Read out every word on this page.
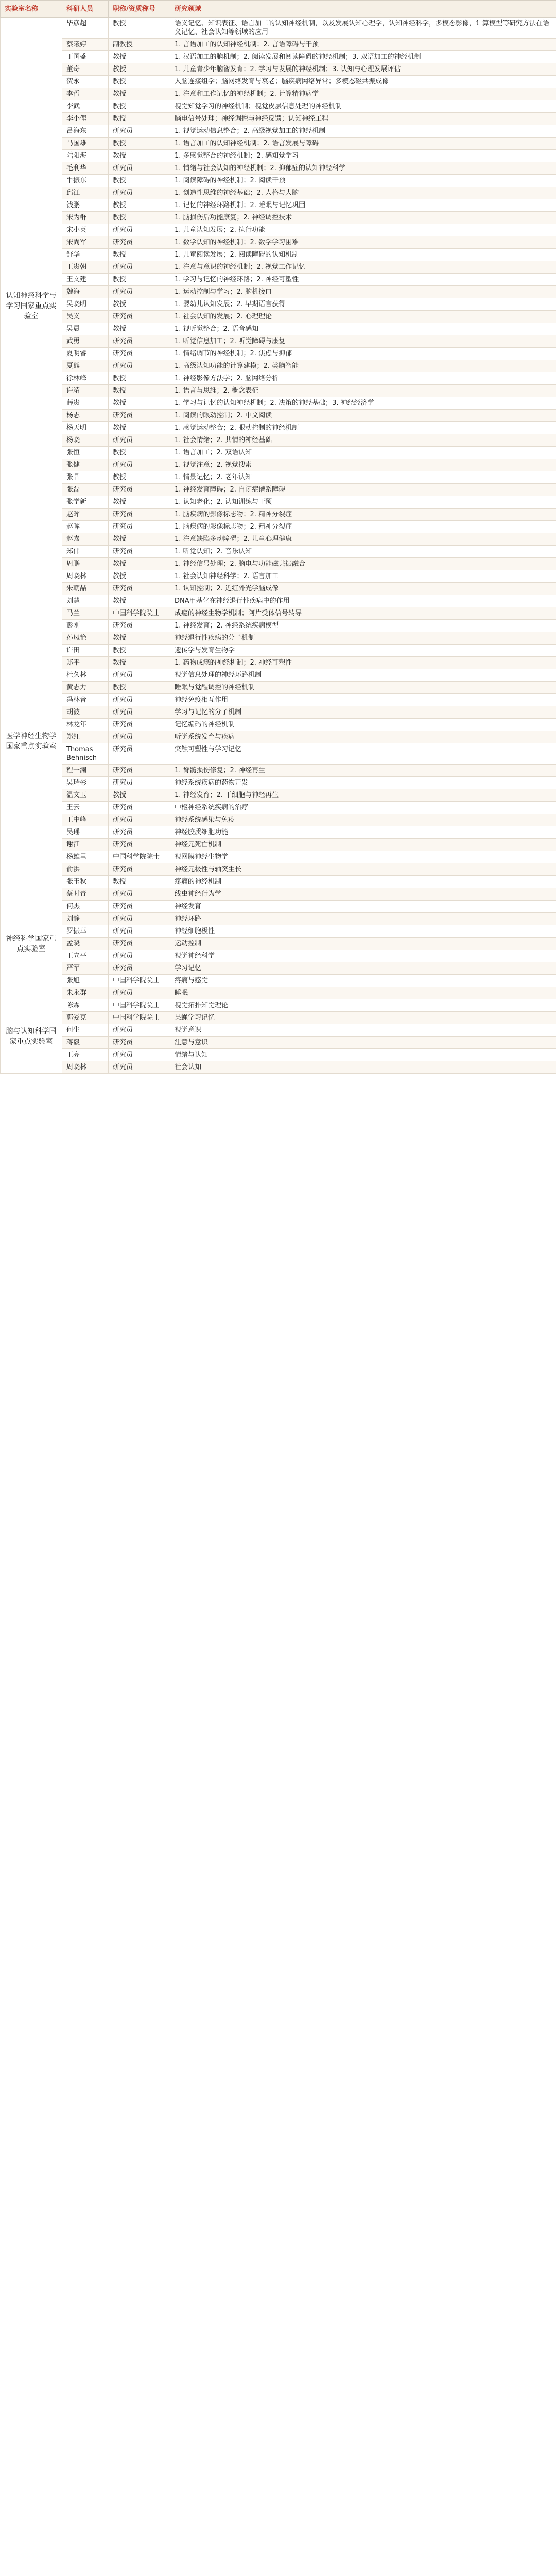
实验室名称	科研人员	职称/资质称号	研究领域
认知神经科学与学习国家重点实验室	毕彦超	教授	语义记忆、知识表征、语言加工的认知神经机制，以及发展认知心理学，认知神经科学，多模态影像，计算模型等研究方法在语义记忆、社会认知等领域的应用
	蔡曦婷	副教授	1. 言语加工的认知神经机制；2. 言语障碍与干预
	丁国盛	教授	1. 汉语加工的脑机制；2. 阅读发展和阅读障碍的神经机制；3. 双语加工的神经机制
	董奇	教授	1. 儿童青少年脑智发育；2. 学习与发展的神经机制；3. 认知与心理发展评估
	贺永	教授	人脑连接组学；脑网络发育与衰老；脑疾病网络异常；多模态磁共振成像
	李哲	教授	1. 注意和工作记忆的神经机制；2. 计算精神病学
	李武	教授	视觉知觉学习的神经机制；视觉皮层信息处理的神经机制
	李小俚	教授	脑电信号处理；神经调控与神经反馈；认知神经工程
	吕海东	研究员	1. 视觉运动信息整合；2. 高级视觉加工的神经机制
	马国雄	教授	1. 语言加工的认知神经机制；2. 语言发展与障碍
	陆阳海	教授	1. 多感觉整合的神经机制；2. 感知觉学习
	毛利华	研究员	1. 情绪与社会认知的神经机制；2. 抑郁症的认知神经科学
	牛振东	教授	1. 阅读障碍的神经机制；2. 阅读干预
	邱江	研究员	1. 创造性思维的神经基础；2. 人格与大脑
	钱鹏	教授	1. 记忆的神经环路机制；2. 睡眠与记忆巩固
	宋为群	教授	1. 脑损伤后功能康复；2. 神经调控技术
	宋小英	研究员	1. 儿童认知发展；2. 执行功能
	宋尚军	研究员	1. 数学认知的神经机制；2. 数学学习困难
	舒华	教授	1. 儿童阅读发展；2. 阅读障碍的认知机制
	王贵朝	研究员	1. 注意与意识的神经机制；2. 视觉工作记忆
	王文建	教授	1. 学习与记忆的神经环路；2. 神经可塑性
	魏海	研究员	1. 运动控制与学习；2. 脑机接口
	吴晓明	教授	1. 婴幼儿认知发展；2. 早期语言获得
	吴义	研究员	1. 社会认知的发展；2. 心理理论
	吴晨	教授	1. 视听觉整合；2. 语音感知
	武勇	研究员	1. 听觉信息加工；2. 听觉障碍与康复
	夏明睿	研究员	1. 情绪调节的神经机制；2. 焦虑与抑郁
	夏熊	研究员	1. 高级认知功能的计算建模；2. 类脑智能
	徐林峰	教授	1. 神经影像方法学；2. 脑网络分析
	许靖	教授	1. 语言与思维；2. 概念表征
	薛贵	教授	1. 学习与记忆的认知神经机制；2. 决策的神经基础；3. 神经经济学
	杨志	研究员	1. 阅读的眼动控制；2. 中文阅读
	杨天明	教授	1. 感觉运动整合；2. 眼动控制的神经机制
	杨晓	研究员	1. 社会情绪；2. 共情的神经基础
	张恒	教授	1. 语言加工；2. 双语认知
	张健	研究员	1. 视觉注意；2. 视觉搜索
	张晶	教授	1. 情景记忆；2. 老年认知
	张磊	研究员	1. 神经发育障碍；2. 自闭症谱系障碍
	张学新	教授	1. 认知老化；2. 认知训练与干预
	赵晖	研究员	1. 脑疾病的影像标志物；2. 精神分裂症
	赵晖	研究员	1. 脑疾病的影像标志物；2. 精神分裂症
	赵嘉	教授	1. 注意缺陷多动障碍；2. 儿童心理健康
	郑伟	研究员	1. 听觉认知；2. 音乐认知
	周鹏	教授	1. 神经信号处理；2. 脑电与功能磁共振融合
	周晓林	教授	1. 社会认知神经科学；2. 语言加工
	朱朝喆	研究员	1. 认知控制；2. 近红外光学脑成像
医学神经生物学国家重点实验室	刘慧	教授	DNA甲基化在神经退行性疾病中的作用
	马兰	中国科学院院士	成瘾的神经生物学机制；阿片受体信号转导
	彭刚	研究员	1. 神经发育；2. 神经系统疾病模型
	孙凤艳	教授	神经退行性疾病的分子机制
	许田	教授	遗传学与发育生物学
	郑平	教授	1. 药物成瘾的神经机制；2. 神经可塑性
	杜久林	研究员	视觉信息处理的神经环路机制
	黄志力	教授	睡眠与觉醒调控的神经机制
	冯林音	研究员	神经免疫相互作用
	胡波	研究员	学习与记忆的分子机制
	林龙年	研究员	记忆编码的神经机制
	郑红	研究员	听觉系统发育与疾病
	Thomas Behnisch	研究员	突触可塑性与学习记忆
	程一澜	研究员	1. 脊髓损伤修复；2. 神经再生
	吴瑞彬	研究员	神经系统疾病的药物开发
	温文玉	教授	1. 神经发育；2. 干细胞与神经再生
	王云	研究员	中枢神经系统疾病的治疗
	王中峰	研究员	神经系统感染与免疫
	吴瑶	研究员	神经胶质细胞功能
	谢江	研究员	神经元死亡机制
	杨雄里	中国科学院院士	视网膜神经生物学
	俞洪	研究员	神经元极性与轴突生长
	张玉秋	教授	疼痛的神经机制
神经科学国家重点实验室	蔡时青	研究员	线虫神经行为学
	何杰	研究员	神经发育
	刘静	研究员	神经环路
	罗振革	研究员	神经细胞极性
	孟晓	研究员	运动控制
	王立平	研究员	视觉神经科学
	严军	研究员	学习记忆
	张旭	中国科学院院士	疼痛与感觉
	朱永群	研究员	睡眠
脑与认知科学国家重点实验室	陈霖	中国科学院院士	视觉拓扑知觉理论
	郭爱克	中国科学院院士	果蝇学习记忆
	何生	研究员	视觉意识
	蒋毅	研究员	注意与意识
	王亮	研究员	情绪与认知
	周晓林	研究员	社会认知
